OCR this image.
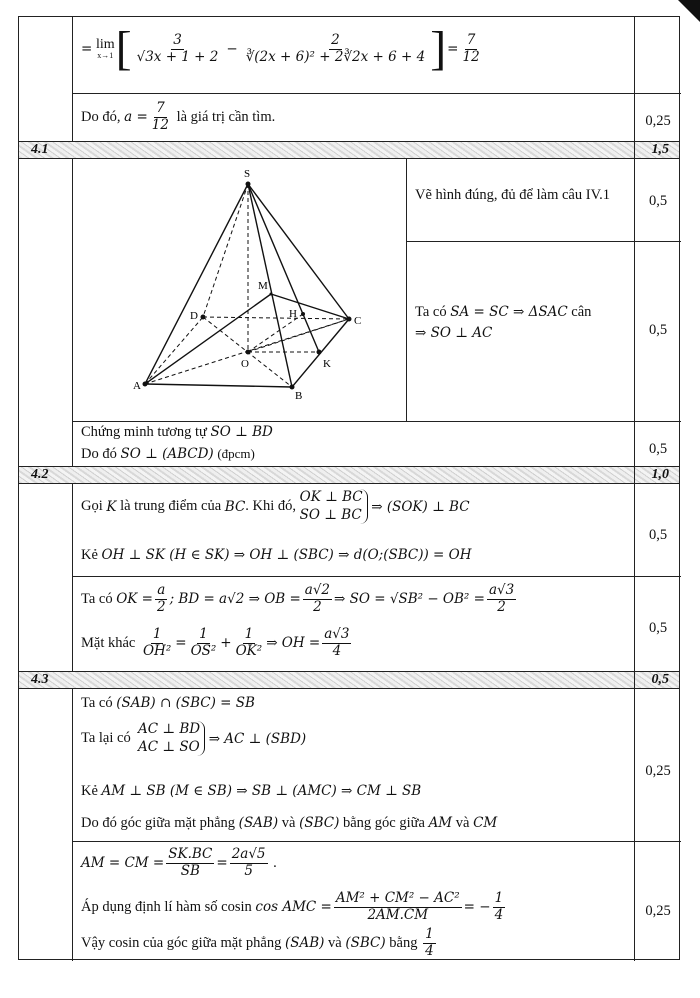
=
lim
x→1 [ $\frac{3}{√3x + 1 + 2} - \frac{2}{\text{∛(2x + 6)² + 2∛2x + 6 + 4}}$ ] = $\frac{7}{12}$
Do đó,
$a = \frac{7}{12}$
là giá trị cần tìm.	0,25
4.1	1,5
S
M
D	H
C
O	K
A
B
Vẽ hình đúng, đủ để làm câu IV.1	0,5
Ta có SA = SC ⇒ ΔSAC cân
⇒ SO ⊥ AC	0,5
Chứng minh tương tự SO ⊥ BD
Do đó SO ⊥ (ABCD) (đpcm)	0,5
4.2	1,0
Gọi
K
là trung điểm của
BC . Khi đó,

OK ⊥ BC
SO ⊥ BC
⇒ (SOK) ⊥ BC
Kẻ OH ⊥ SK (H ∈ SK) ⇒ OH ⊥ (SBC) ⇒ d(O;(SBC)) = OH
0,5
Ta có
OK = $\frac{a}{2}$ ; BD = a√2 ⇒ OB = $\frac{a√2}{2}$ ⇒ SO = $√SB^2 - OB^2 = \frac{a√3}{2}$
Mặt khác
$\frac{1}{\text{OH²}} = \frac{1}{\text{OS²}} + \frac{1}{\text{OK²}}$ ⇒ OH = $\frac{a√3}{4}$	0,5
4.3	0,5
Ta có (SAB) ∩ (SBC) = SB
Ta lại có

AC ⊥ BD
AC ⊥ SO
⇒ AC ⊥ (SBD)
Kẻ AM ⊥ SB (M ∈ SB) ⇒ SB ⊥ (AMC) ⇒ CM ⊥ SB
Do đó góc giữa mặt phẳng (SAB) và (SBC) bằng góc giữa AM và CM
0,25
AM = CM = $\frac{SK.BC}{SB} = \frac{2a√5}{5}$
.
Áp dụng định lí hàm số cosin
cos AMC = $\frac{\text{AM² + CM² − AC²}}{2AM.CM}$ = − $\frac{1}{4}$
Vậy cosin của góc giữa mặt phẳng
(SAB)
và
(SBC)
bằng
$\frac{1}{4}$
0,25
